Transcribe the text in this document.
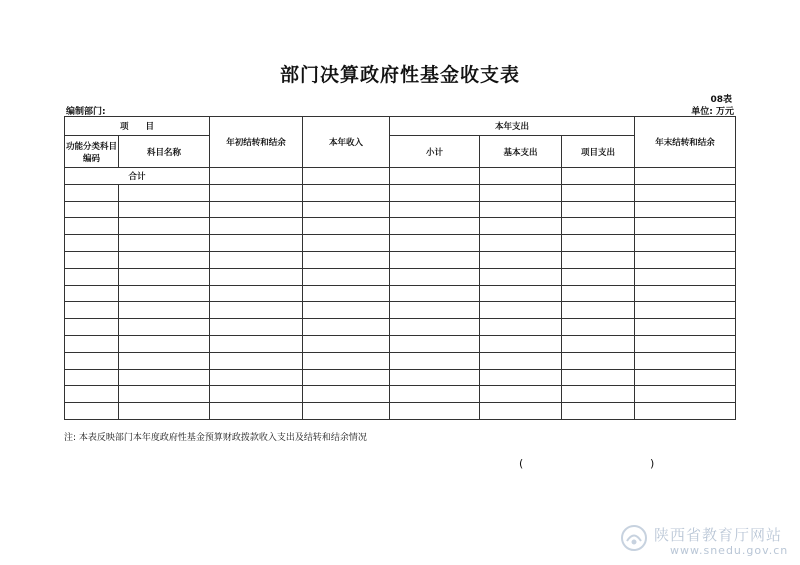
部门决算政府性基金收支表
08表
编制部门:	单位: 万元
项　　目		年初结转和结余	本年收入	本年支出			年末结转和结余
功能分类科目编码	科目名称			小计	基本支出	项目支出	
合计							

注: 本表反映部门本年度政府性基金预算财政拨款收入支出及结转和结余情况
(	)
陕西省教育厅网站
www.snedu.gov.cn
